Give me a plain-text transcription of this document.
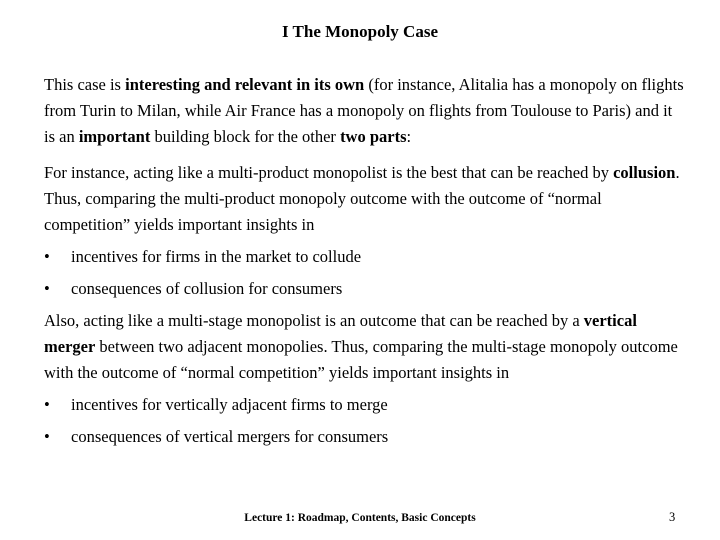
I The Monopoly Case

This case is interesting and relevant in its own (for instance, Alitalia has a monopoly on flights from Turin to Milan, while Air France has a monopoly on flights from Toulouse to Paris) and it is an important building block for the other two parts:

For instance, acting like a multi-product monopolist is the best that can be reached by collusion. Thus, comparing the multi-product monopoly outcome with the outcome of “normal competition” yields important insights in

• incentives for firms in the market to collude
• consequences of collusion for consumers

Also, acting like a multi-stage monopolist is an outcome that can be reached by a vertical merger between two adjacent monopolies. Thus, comparing the multi-stage monopoly outcome with the outcome of “normal competition” yields important insights in

• incentives for vertically adjacent firms to merge
• consequences of vertical mergers for consumers
Lecture 1: Roadmap, Contents, Basic Concepts	3
